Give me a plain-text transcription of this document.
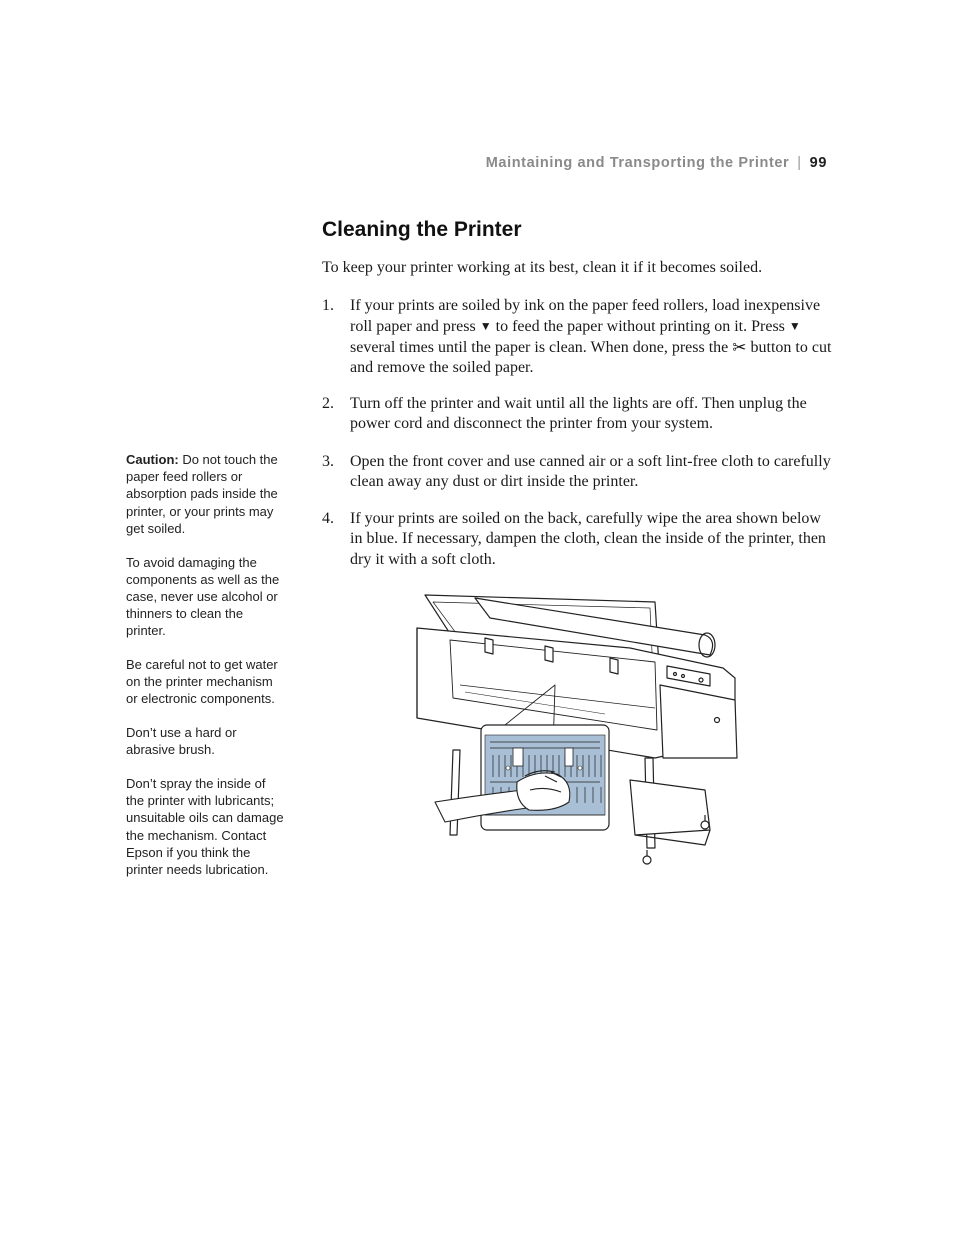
Maintaining and Transporting the Printer | 99
Cleaning the Printer

To keep your printer working at its best, clean it if it becomes soiled.

1. If your prints are soiled by ink on the paper feed rollers, load inexpensive roll paper and press ▼ to feed the paper without printing on it. Press ▼ several times until the paper is clean. When done, press the ✂ button to cut and remove the soiled paper.
2. Turn off the printer and wait until all the lights are off. Then unplug the power cord and disconnect the printer from your system.
3. Open the front cover and use canned air or a soft lint-free cloth to carefully clean away any dust or dirt inside the printer.
4. If your prints are soiled on the back, carefully wipe the area shown below in blue. If necessary, dampen the cloth, clean the inside of the printer, then dry it with a soft cloth.

Caution: Do not touch the paper feed rollers or absorption pads inside the printer, or your prints may get soiled.

To avoid damaging the components as well as the case, never use alcohol or thinners to clean the printer.

Be careful not to get water on the printer mechanism or electronic components.

Don’t use a hard or abrasive brush.

Don’t spray the inside of the printer with lubricants; unsuitable oils can damage the mechanism. Contact Epson if you think the printer needs lubrication.
